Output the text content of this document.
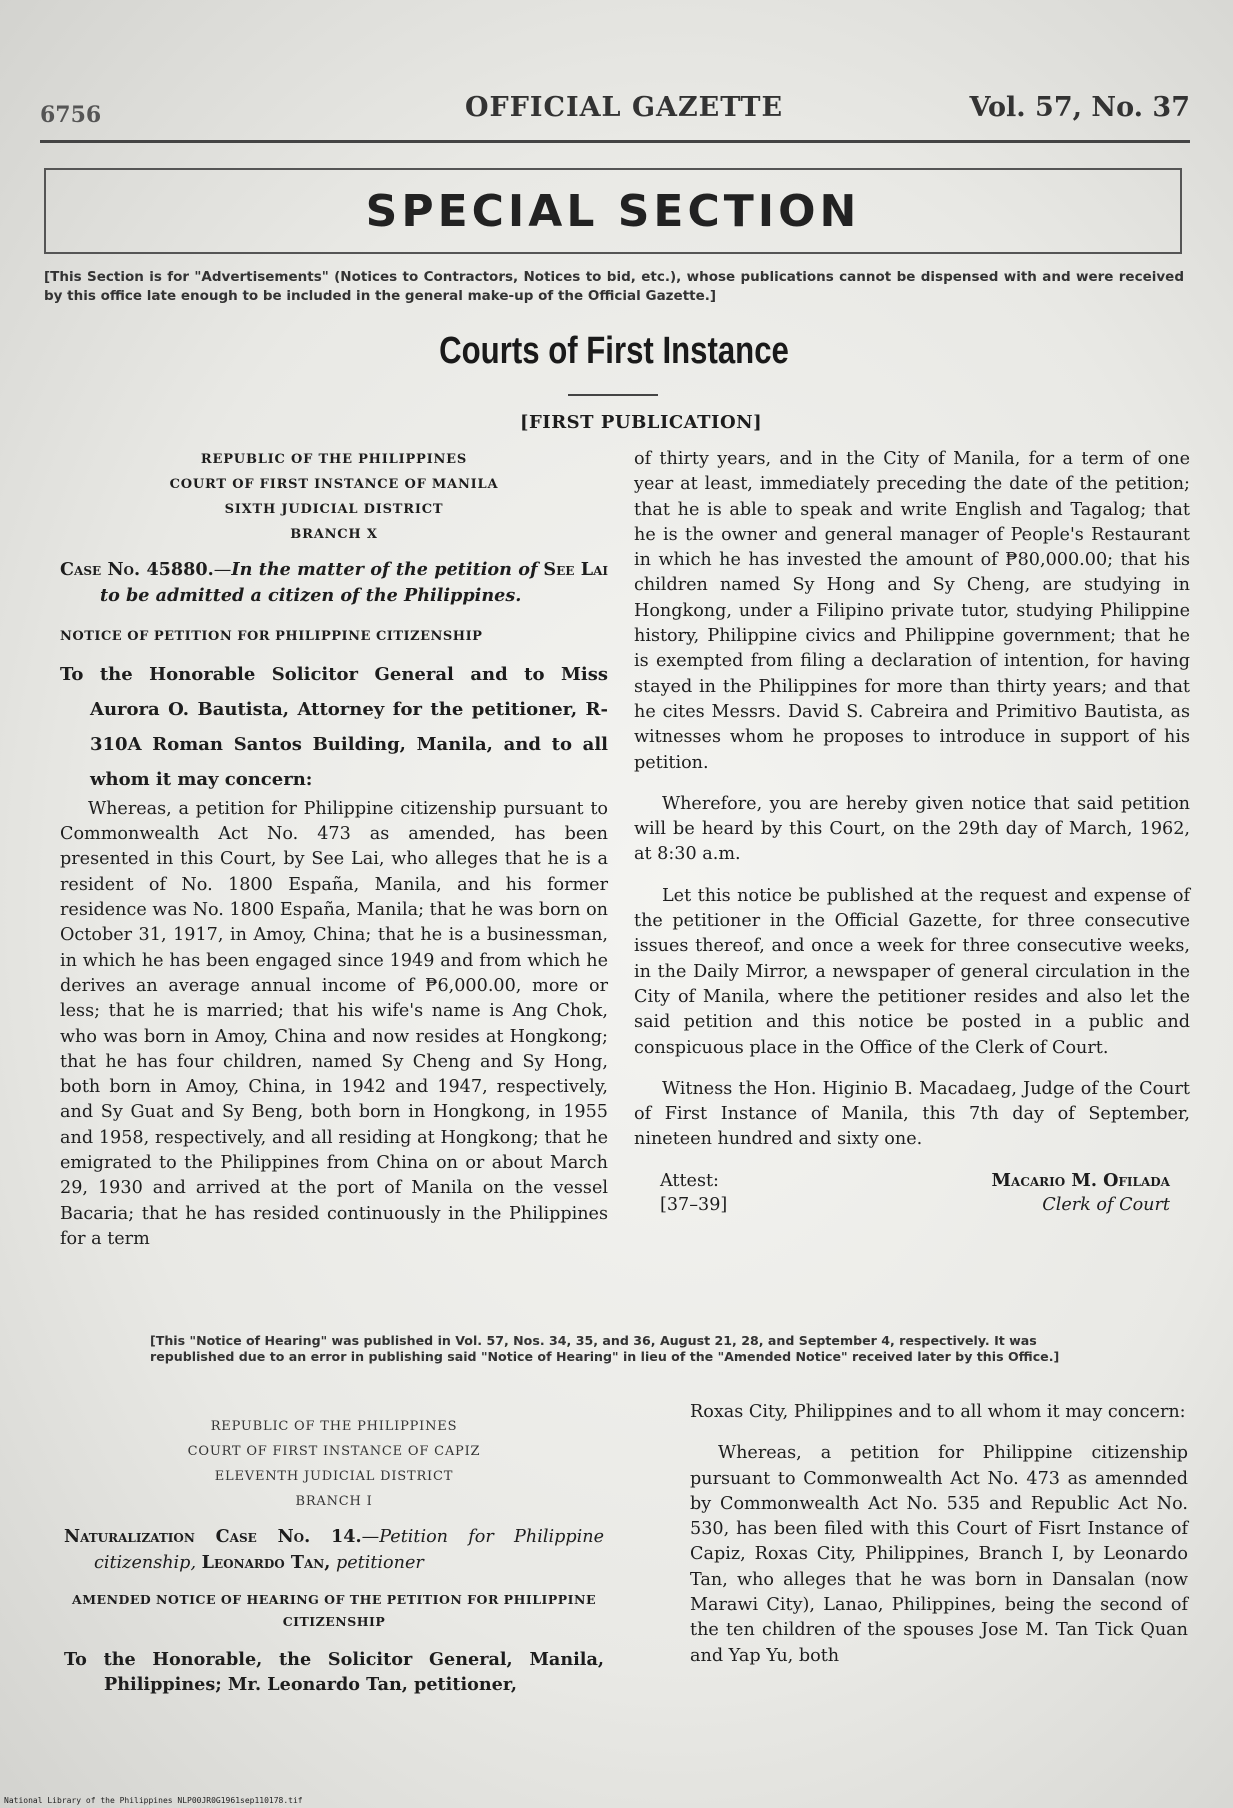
6756	OFFICIAL GAZETTE	Vol. 57, No. 37
SPECIAL SECTION
[This Section is for "Advertisements" (Notices to Contractors, Notices to bid, etc.), whose publications cannot be dispensed with and were received by this office late enough to be included in the general make-up of the Official Gazette.]
Courts of First Instance
[FIRST PUBLICATION]

REPUBLIC OF THE PHILIPPINES

COURT OF FIRST INSTANCE OF MANILA

SIXTH JUDICIAL DISTRICT

BRANCH X

Case No. 45880.—In the matter of the petition of See Lai to be admitted a citizen of the Philippines.

NOTICE OF PETITION FOR PHILIPPINE CITIZENSHIP

To the Honorable Solicitor General and to Miss Aurora O. Bautista, Attorney for the petitioner, R-310A Roman Santos Building, Manila, and to all whom it may concern:

Whereas, a petition for Philippine citizenship pursuant to Commonwealth Act No. 473 as amended, has been presented in this Court, by See Lai, who alleges that he is a resident of No. 1800 España, Manila, and his former residence was No. 1800 España, Manila; that he was born on October 31, 1917, in Amoy, China; that he is a businessman, in which he has been engaged since 1949 and from which he derives an average annual income of ₱6,000.00, more or less; that he is married; that his wife's name is Ang Chok, who was born in Amoy, China and now resides at Hongkong; that he has four children, named Sy Cheng and Sy Hong, both born in Amoy, China, in 1942 and 1947, respectively, and Sy Guat and Sy Beng, both born in Hongkong, in 1955 and 1958, respectively, and all residing at Hongkong; that he emigrated to the Philippines from China on or about March 29, 1930 and arrived at the port of Manila on the vessel Bacaria; that he has resided continuously in the Philippines for a term

of thirty years, and in the City of Manila, for a term of one year at least, immediately preceding the date of the petition; that he is able to speak and write English and Tagalog; that he is the owner and general manager of People's Restaurant in which he has invested the amount of ₱80,000.00; that his children named Sy Hong and Sy Cheng, are studying in Hongkong, under a Filipino private tutor, studying Philippine history, Philippine civics and Philippine government; that he is exempted from filing a declaration of intention, for having stayed in the Philippines for more than thirty years; and that he cites Messrs. David S. Cabreira and Primitivo Bautista, as witnesses whom he proposes to introduce in support of his petition.

Wherefore, you are hereby given notice that said petition will be heard by this Court, on the 29th day of March, 1962, at 8:30 a.m.

Let this notice be published at the request and expense of the petitioner in the Official Gazette, for three consecutive issues thereof, and once a week for three consecutive weeks, in the Daily Mirror, a newspaper of general circulation in the City of Manila, where the petitioner resides and also let the said petition and this notice be posted in a public and conspicuous place in the Office of the Clerk of Court.

Witness the Hon. Higinio B. Macadaeg, Judge of the Court of First Instance of Manila, this 7th day of September, nineteen hundred and sixty one.

Attest:
[37–39]
Macario M. Ofilada
Clerk of Court
[This "Notice of Hearing" was published in Vol. 57, Nos. 34, 35, and 36, August 21, 28, and September 4, respectively. It was republished due to an error in publishing said "Notice of Hearing" in lieu of the "Amended Notice" received later by this Office.]

REPUBLIC OF THE PHILIPPINES

COURT OF FIRST INSTANCE OF CAPIZ

ELEVENTH JUDICIAL DISTRICT

BRANCH I

Naturalization Case No. 14.—Petition for Philippine citizenship, Leonardo Tan, petitioner

AMENDED NOTICE OF HEARING OF THE PETITION FOR PHILIPPINE CITIZENSHIP

To the Honorable, the Solicitor General, Manila, Philippines; Mr. Leonardo Tan, petitioner,

Roxas City, Philippines and to all whom it may concern:

Whereas, a petition for Philippine citizenship pursuant to Commonwealth Act No. 473 as amennded by Commonwealth Act No. 535 and Republic Act No. 530, has been filed with this Court of Fisrt Instance of Capiz, Roxas City, Philippines, Branch I, by Leonardo Tan, who alleges that he was born in Dansalan (now Marawi City), Lanao, Philippines, being the second of the ten children of the spouses Jose M. Tan Tick Quan and Yap Yu, both

National Library of the Philippines NLP00JR0G1961sep110178.tif
